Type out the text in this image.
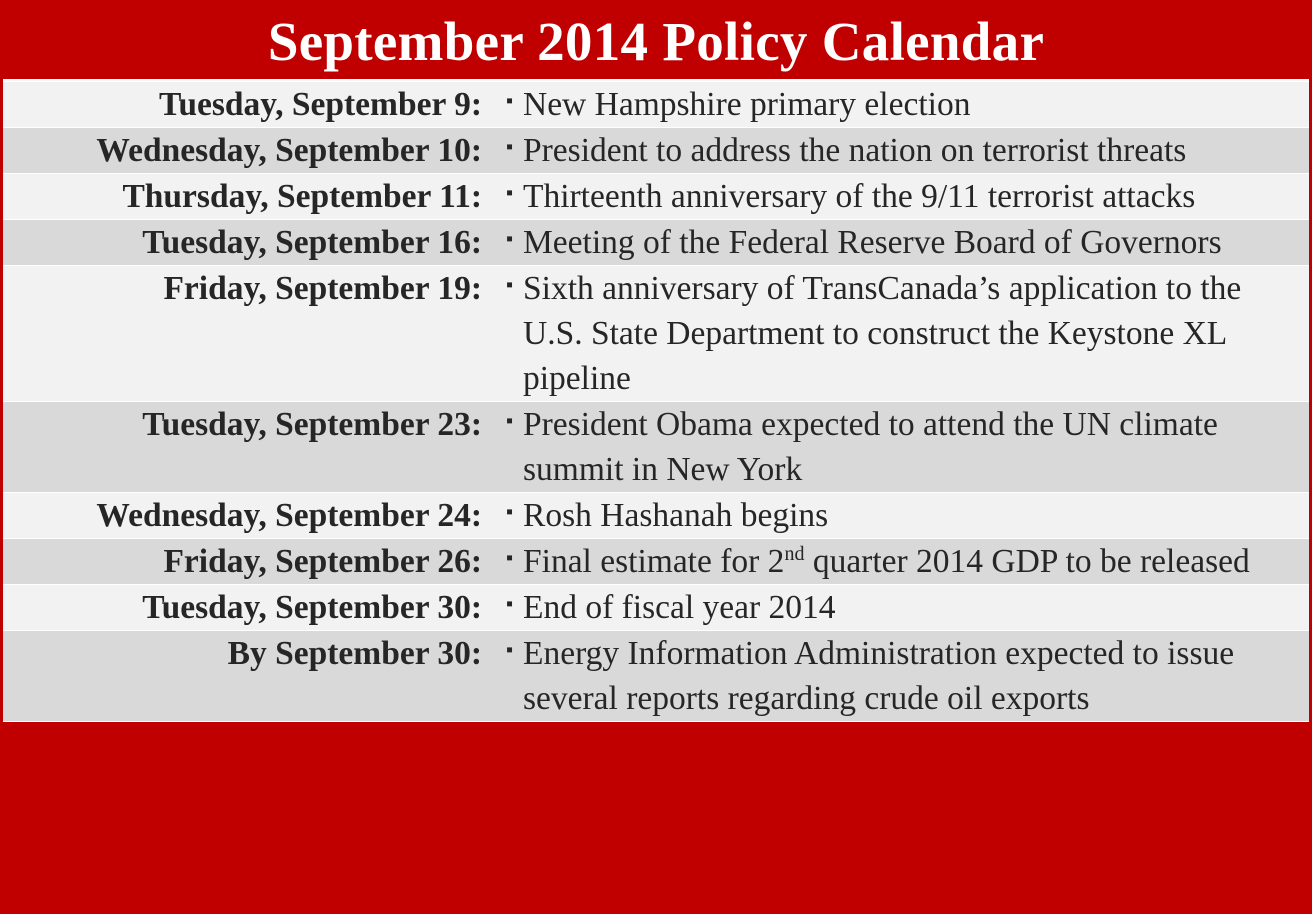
September 2014 Policy Calendar
Tuesday, September 9:	▪ New Hampshire primary election
Wednesday, September 10:	▪ President to address the nation on terrorist threats
Thursday, September 11:	▪ Thirteenth anniversary of the 9/11 terrorist attacks
Tuesday, September 16:	▪ Meeting of the Federal Reserve Board of Governors
Friday, September 19:	▪ Sixth anniversary of TransCanada’s application to the U.S. State Department to construct the Keystone XL pipeline
Tuesday, September 23:	▪ President Obama expected to attend the UN climate summit in New York
Wednesday, September 24:	▪ Rosh Hashanah begins
Friday, September 26:	▪ Final estimate for 2nd quarter 2014 GDP to be released
Tuesday, September 30:	▪ End of fiscal year 2014
By September 30:	▪ Energy Information Administration expected to issue several reports regarding crude oil exports
